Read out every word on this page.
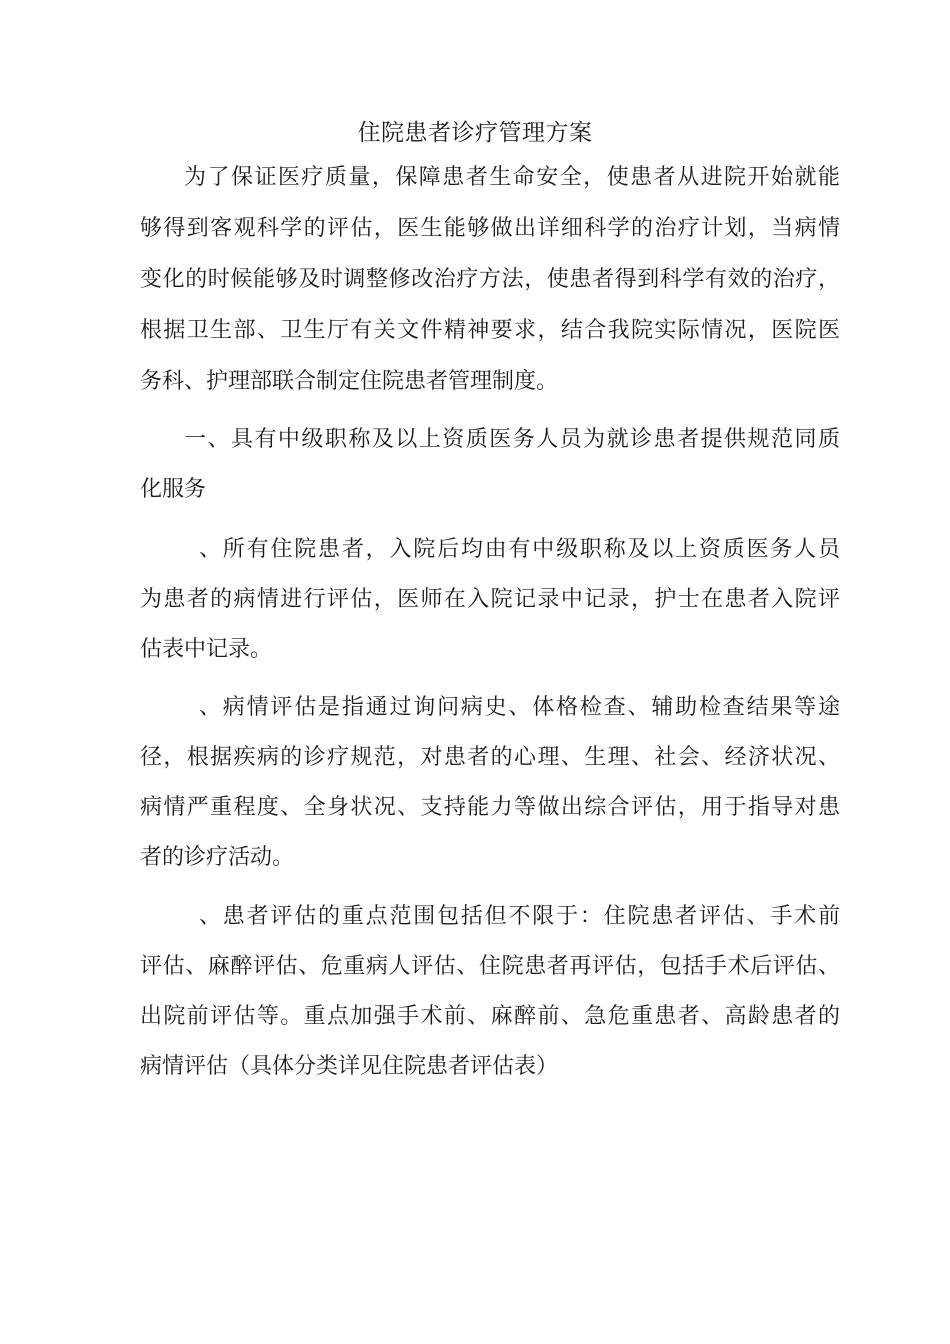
住院患者诊疗管理方案
为了保证医疗质量，保障患者生命安全，使患者从进院开始就能
够得到客观科学的评估，医生能够做出详细科学的治疗计划，当病情
变化的时候能够及时调整修改治疗方法，使患者得到科学有效的治疗，
根据卫生部、卫生厅有关文件精神要求，结合我院实际情况，医院医
务科、护理部联合制定住院患者管理制度。
一、具有中级职称及以上资质医务人员为就诊患者提供规范同质
化服务
、所有住院患者，入院后均由有中级职称及以上资质医务人员
为患者的病情进行评估，医师在入院记录中记录，护士在患者入院评
估表中记录。
、病情评估是指通过询问病史、体格检查、辅助检查结果等途
径，根据疾病的诊疗规范，对患者的心理、生理、社会、经济状况、
病情严重程度、全身状况、支持能力等做出综合评估，用于指导对患
者的诊疗活动。
、患者评估的重点范围包括但不限于：住院患者评估、手术前
评估、麻醉评估、危重病人评估、住院患者再评估，包括手术后评估、
出院前评估等。重点加强手术前、麻醉前、急危重患者、高龄患者的
病情评估（具体分类详见住院患者评估表）
